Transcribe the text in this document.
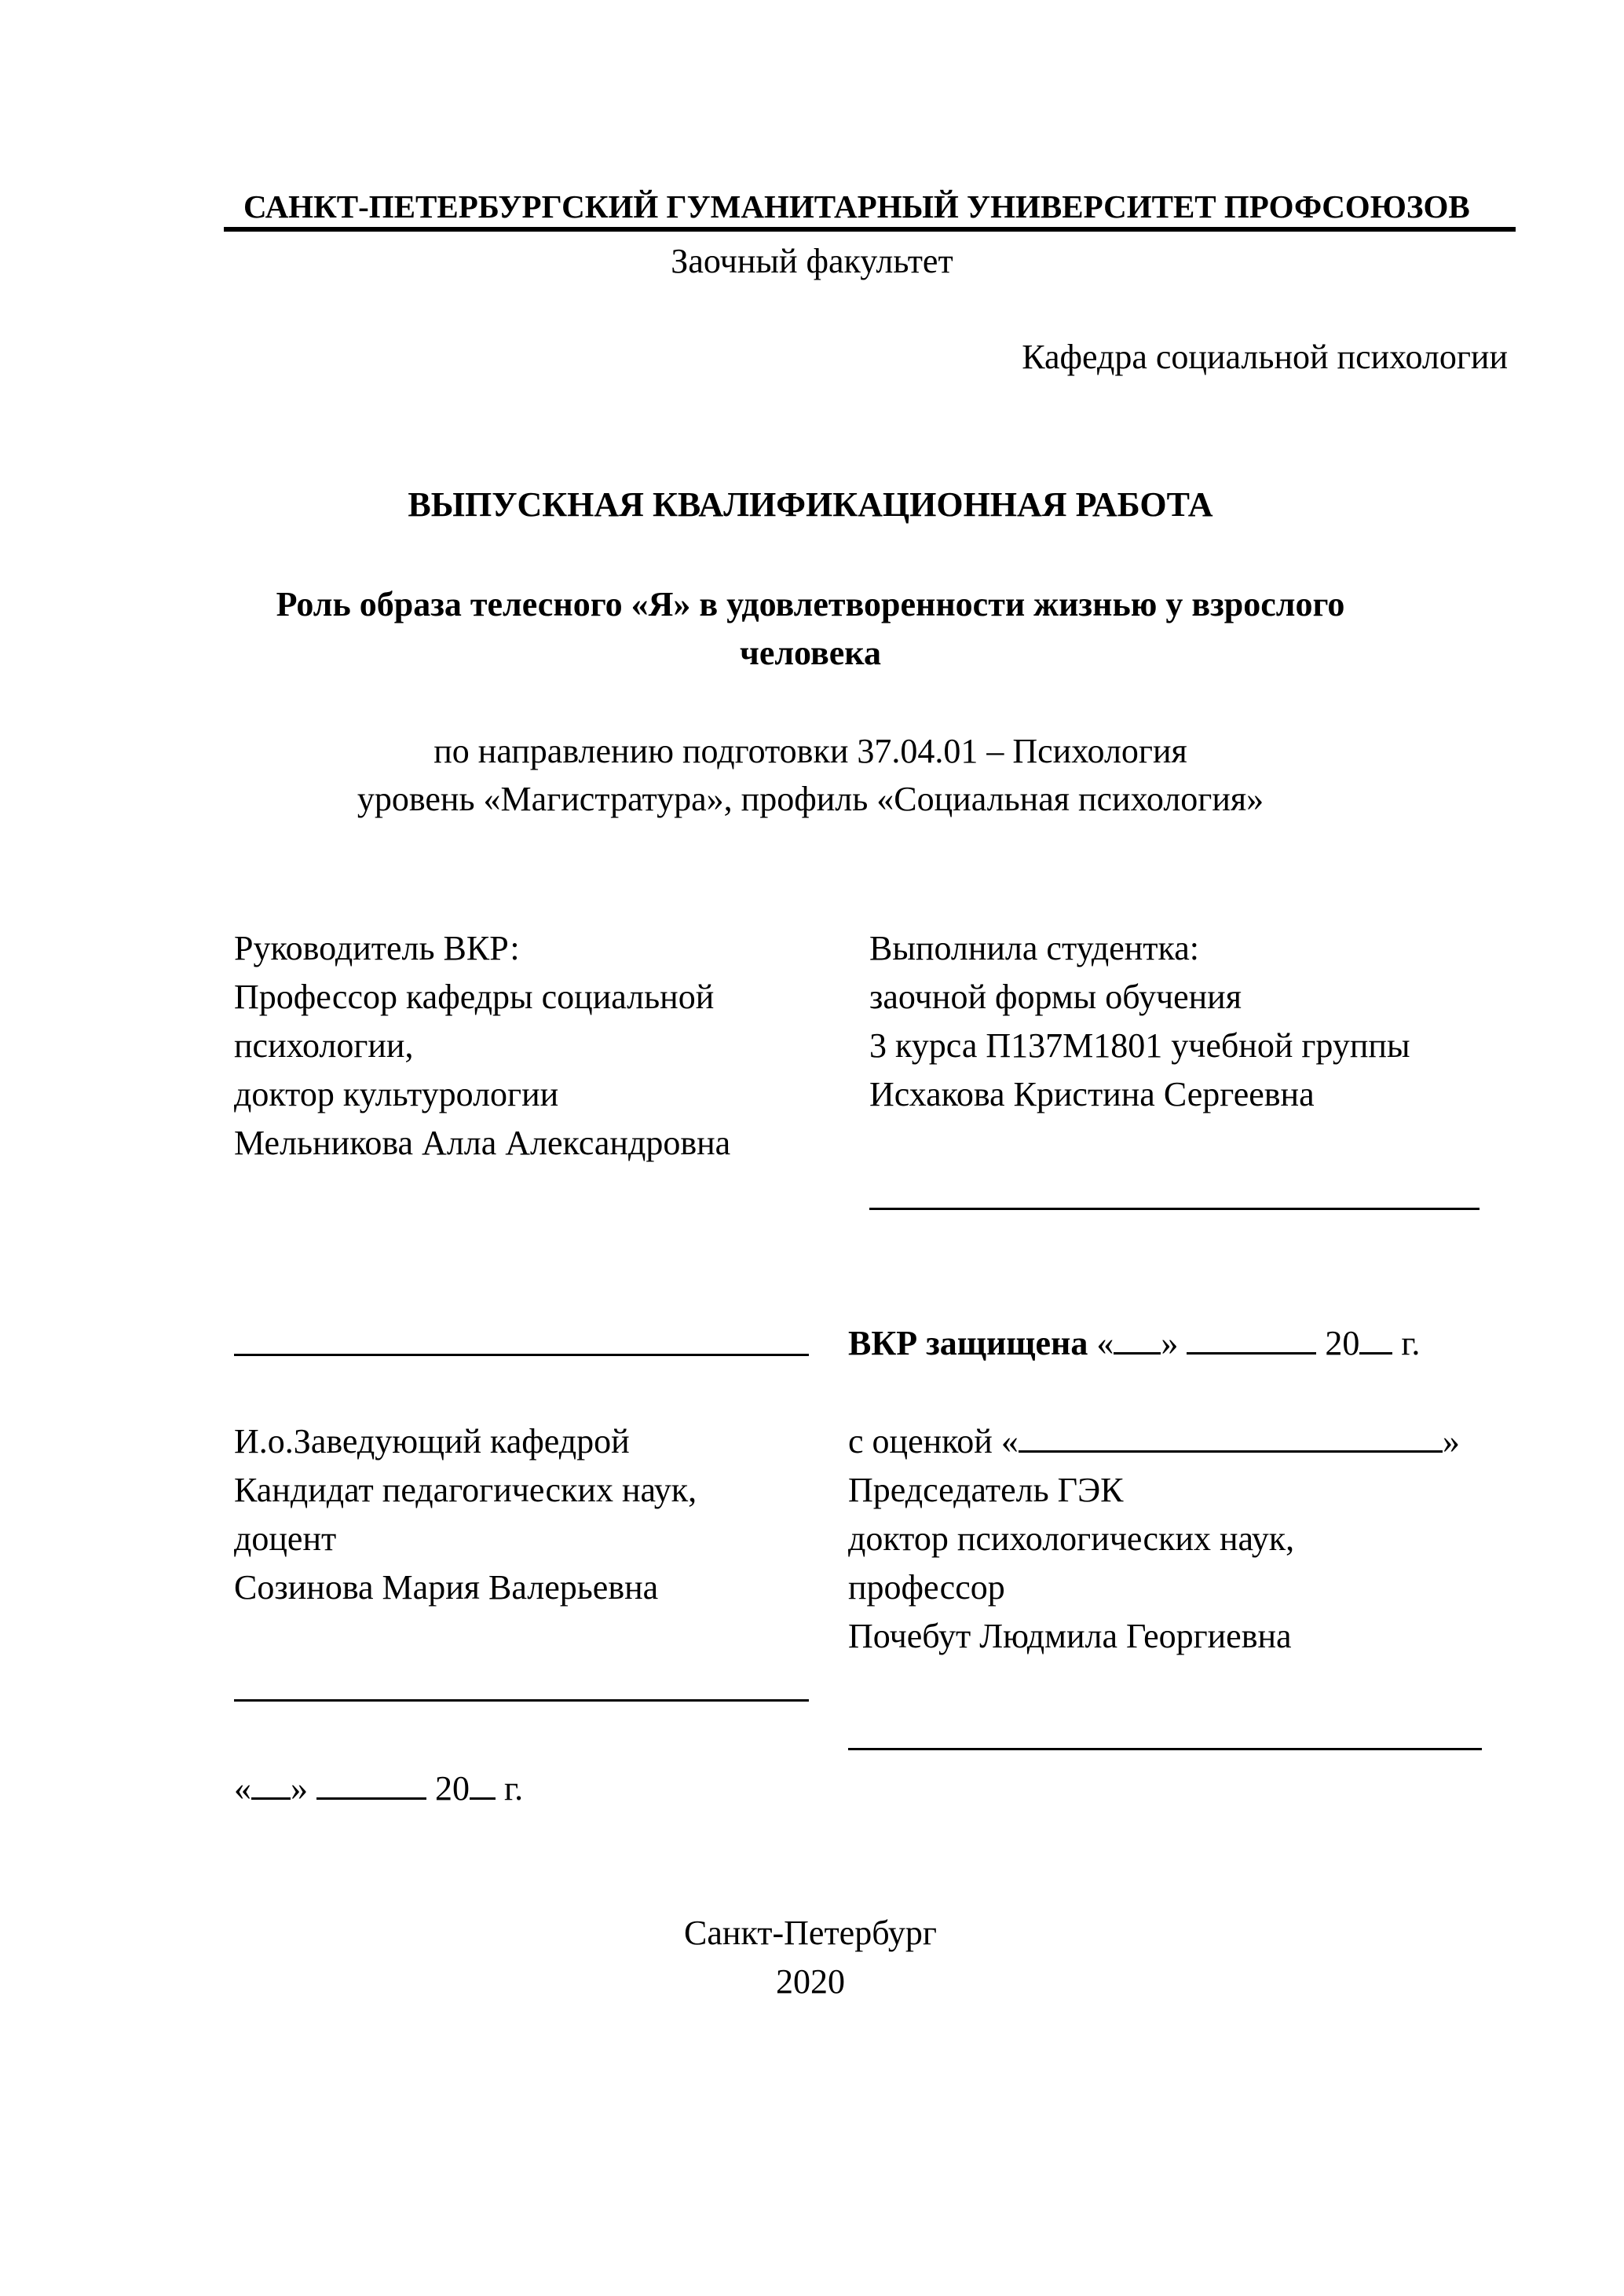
САНКТ-ПЕТЕРБУРГСКИЙ ГУМАНИТАРНЫЙ УНИВЕРСИТЕТ ПРОФСОЮЗОВ
Заочный факультет
Кафедра социальной психологии
ВЫПУСКНАЯ КВАЛИФИКАЦИОННАЯ РАБОТА
Роль образа телесного «Я» в удовлетворенности жизнью у взрослого
человека
по направлению подготовки 37.04.01 – Психология
уровень «Магистратура», профиль «Социальная психология»
Руководитель ВКР:
Профессор кафедры социальной
психологии,
доктор культурологии
Мельникова Алла Александровна
Выполнила студентка:
заочной формы обучения
3 курса П137М1801 учебной группы
Исхакова Кристина Сергеевна
ВКР защищена « »	20 г.
И.о.Заведующий кафедрой
Кандидат педагогических наук,
доцент
Созинова Мария Валерьевна
с оценкой «	»
Председатель ГЭК
доктор психологических наук,
профессор
Почебут Людмила Георгиевна
« »	20 г.
Санкт-Петербург
2020
